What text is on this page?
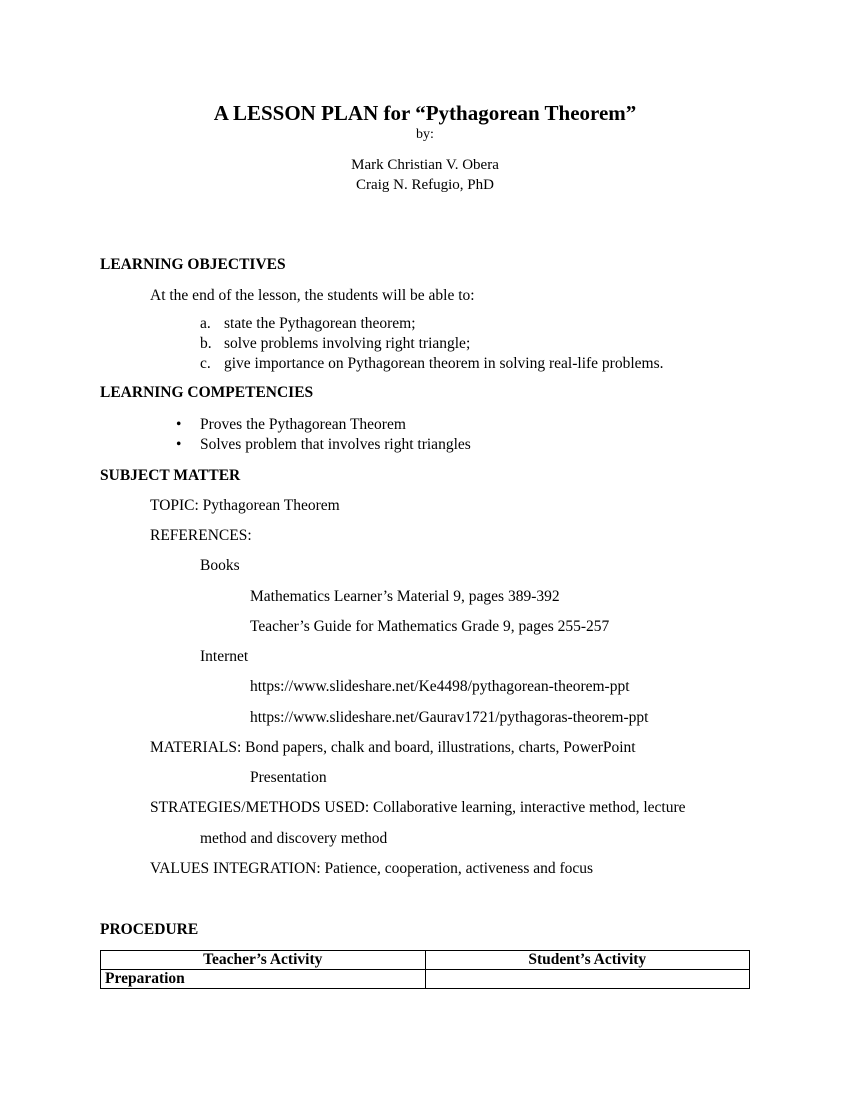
A LESSON PLAN for “Pythagorean Theorem”
by:
Mark Christian V. Obera
Craig N. Refugio, PhD
LEARNING OBJECTIVES
At the end of the lesson, the students will be able to:
a. state the Pythagorean theorem;
b. solve problems involving right triangle;
c. give importance on Pythagorean theorem in solving real-life problems.
LEARNING COMPETENCIES
• Proves the Pythagorean Theorem
• Solves problem that involves right triangles
SUBJECT MATTER
TOPIC: Pythagorean Theorem
REFERENCES:
Books
Mathematics Learner’s Material 9, pages 389-392
Teacher’s Guide for Mathematics Grade 9, pages 255-257
Internet
https://www.slideshare.net/Ke4498/pythagorean-theorem-ppt
https://www.slideshare.net/Gaurav1721/pythagoras-theorem-ppt
MATERIALS: Bond papers, chalk and board, illustrations, charts, PowerPoint
Presentation
STRATEGIES/METHODS USED: Collaborative learning, interactive method, lecture
method and discovery method
VALUES INTEGRATION: Patience, cooperation, activeness and focus
PROCEDURE
Teacher’s Activity	Student’s Activity
Preparation	
